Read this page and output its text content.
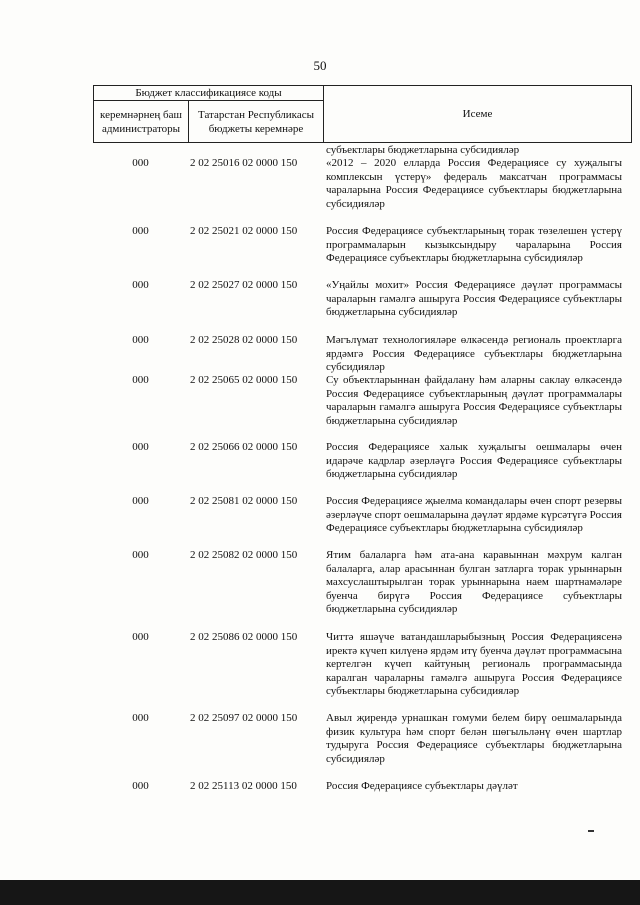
50
Бюджет классификациясе коды		Исеме
керемнәрнең баш администраторы	Татарстан Республикасы бюджеты керемнәре	
субъектлары бюджетларына субсидияләр
000	2 02 25016 02 0000 150	«2012 – 2020 елларда Россия Федерациясе су хуҗалыгы комплексын үстерү» федераль максатчан программасы чараларына Россия Федерациясе субъектлары бюджетларына субсидияләр
000	2 02 25021 02 0000 150	Россия Федерациясе субъектларының торак төзелешен үстерү программаларын кызыксындыру чараларына Россия Федерациясе субъектлары бюджетларына субсидияләр
000	2 02 25027 02 0000 150	«Уңайлы мохит» Россия Федерациясе дәүләт программасы чараларын гамәлгә ашыруга Россия Федерациясе субъектлары бюджетларына субсидияләр
000	2 02 25028 02 0000 150	Мәгълүмат технологияләре өлкәсендә региональ проектларга ярдәмгә Россия Федерациясе субъектлары бюджетларына субсидияләр
000	2 02 25065 02 0000 150	Су объектларыннан файдалану һәм аларны саклау өлкәсендә Россия Федерациясе субъектларының дәүләт программалары чараларын гамәлгә ашыруга Россия Федерациясе субъектлары бюджетларына субсидияләр
000	2 02 25066 02 0000 150	Россия Федерациясе халык хуҗалыгы оешмалары өчен идарәче кадрлар әзерләүгә Россия Федерациясе субъектлары бюджетларына субсидияләр
000	2 02 25081 02 0000 150	Россия Федерациясе җыелма командалары өчен спорт резервы әзерләүче спорт оешмаларына дәүләт ярдәме күрсәтүгә Россия Федерациясе субъектлары бюджетларына субсидияләр
000	2 02 25082 02 0000 150	Ятим балаларга һәм ата-ана каравыннан мәхрум калган балаларга, алар арасыннан булган затларга торак урыннарын махсуслаштырылган торак урыннарына наем шартнамәләре буенча бирүгә Россия Федерациясе субъектлары бюджетларына субсидияләр
000	2 02 25086 02 0000 150	Читтә яшәүче ватандашларыбызның Россия Федерациясенә иректә күчеп килүенә ярдәм итү буенча дәүләт программасына кертелгән күчеп кайтуның региональ программасында каралган чараларны гамәлгә ашыруга Россия Федерациясе субъектлары бюджетларына субсидияләр
000	2 02 25097 02 0000 150	Авыл җирендә урнашкан гомуми белем бирү оешмаларында физик культура һәм спорт белән шөгыльләнү өчен шартлар тудыруга Россия Федерациясе субъектлары бюджетларына субсидияләр
000	2 02 25113 02 0000 150	Россия Федерациясе субъектлары дәүләт
